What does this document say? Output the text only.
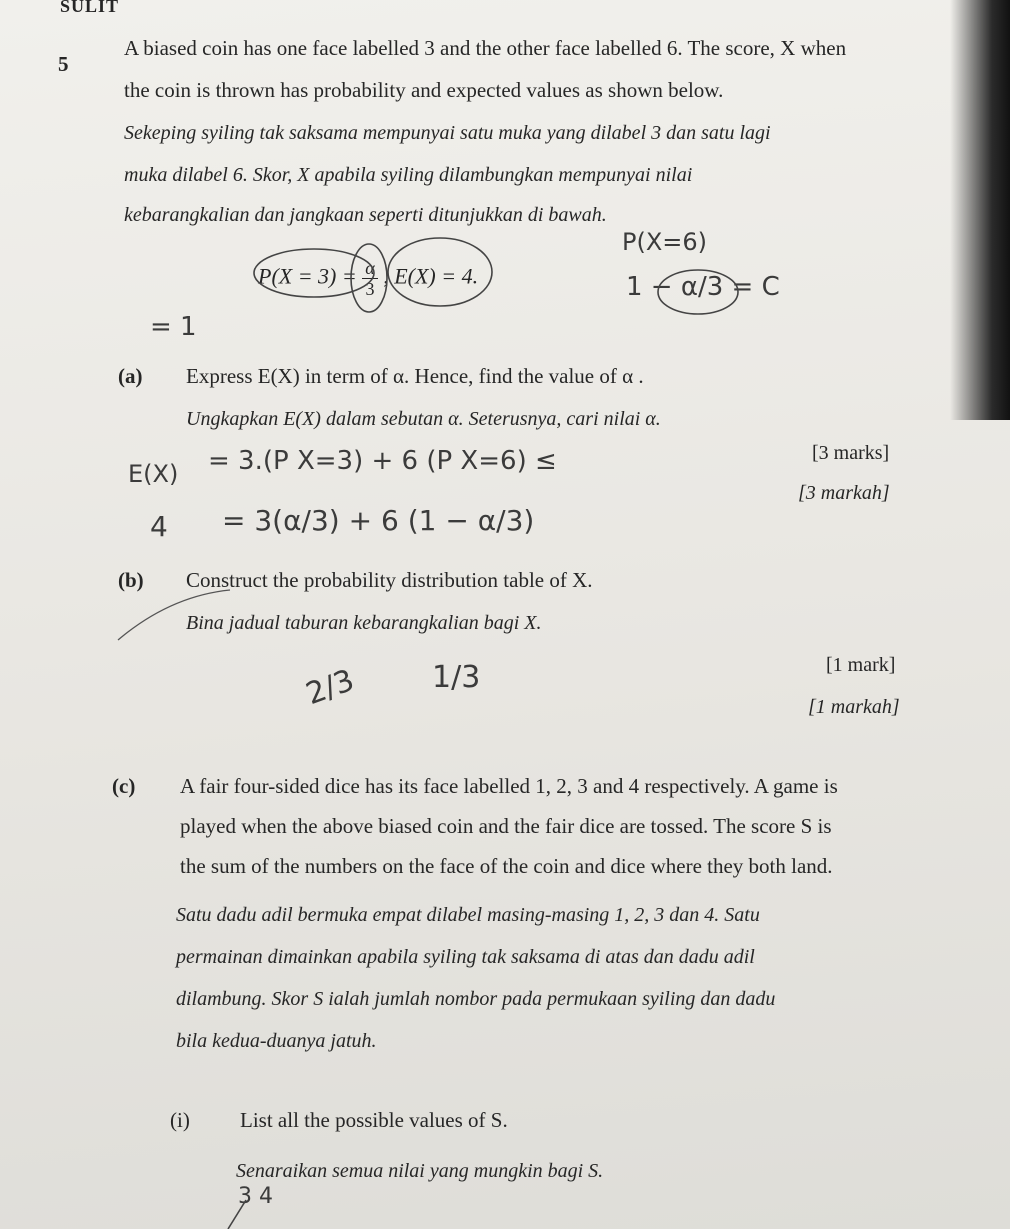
SULIT
5
A biased coin has one face labelled 3 and the other face labelled 6. The score, X when
the coin is thrown has probability and expected values as shown below.
Sekeping syiling tak saksama mempunyai satu muka yang dilabel 3 dan satu lagi
muka dilabel 6. Skor, X apabila syiling dilambungkan mempunyai nilai
kebarangkalian dan jangkaan seperti ditunjukkan di bawah.
$P(X = 3) = \frac{\alpha}{3}$ , E(X) = 4.
(a) Express E(X) in term of α. Hence, find the value of α .
Ungkapkan E(X) dalam sebutan α. Seterusnya, cari nilai α.
[3 marks]
[3 markah]
(b) Construct the probability distribution table of X.
Bina jadual taburan kebarangkalian bagi X.
[1 mark]
[1 markah]
(c) A fair four-sided dice has its face labelled 1, 2, 3 and 4 respectively. A game is
played when the above biased coin and the fair dice are tossed. The score S is
the sum of the numbers on the face of the coin and dice where they both land.
Satu dadu adil bermuka empat dilabel masing-masing 1, 2, 3 dan 4. Satu
permainan dimainkan apabila syiling tak saksama di atas dan dadu adil
dilambung. Skor S ialah jumlah nombor pada permukaan syiling dan dadu
bila kedua-duanya jatuh.
(i) List all the possible values of S.
Senaraikan semua nilai yang mungkin bagi S.
P(X=6)
1 − α/3 = C
= 1
E(X) = 3.(P X=3) + 6 (P X=6) ≤
4 = 3(α/3) + 6 (1 − α/3)
2/3 1/3
3 4
